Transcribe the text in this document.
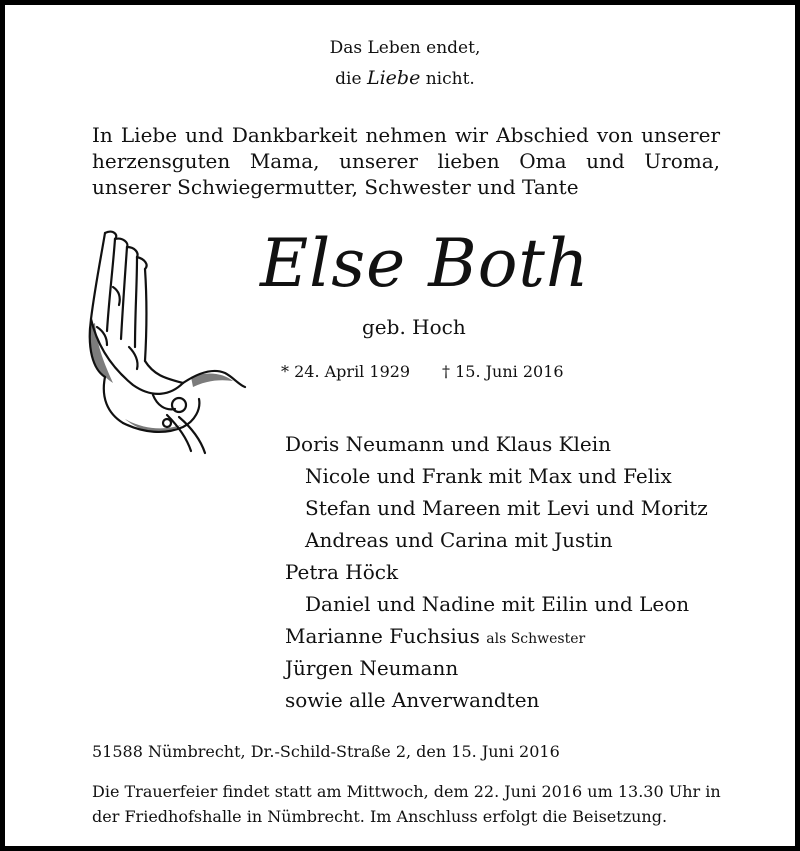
Das Leben endet,
die Liebe nicht.
In Liebe und Dankbarkeit nehmen wir Abschied von unserer herzensguten Mama, unserer lieben Oma und Uroma, unserer Schwiegermutter, Schwester und Tante
Else Both
geb. Hoch
* 24. April 1929 † 15. Juni 2016
Doris Neumann und Klaus Klein
Nicole und Frank mit Max und Felix
Stefan und Mareen mit Levi und Moritz
Andreas und Carina mit Justin
Petra Höck
Daniel und Nadine mit Eilin und Leon
Marianne Fuchsius als Schwester
Jürgen Neumann
sowie alle Anverwandten
51588 Nümbrecht, Dr.-Schild-Straße 2, den 15. Juni 2016
Die Trauerfeier findet statt am Mittwoch, dem 22. Juni 2016 um 13.30 Uhr in der Friedhofshalle in Nümbrecht. Im Anschluss erfolgt die Beisetzung.
